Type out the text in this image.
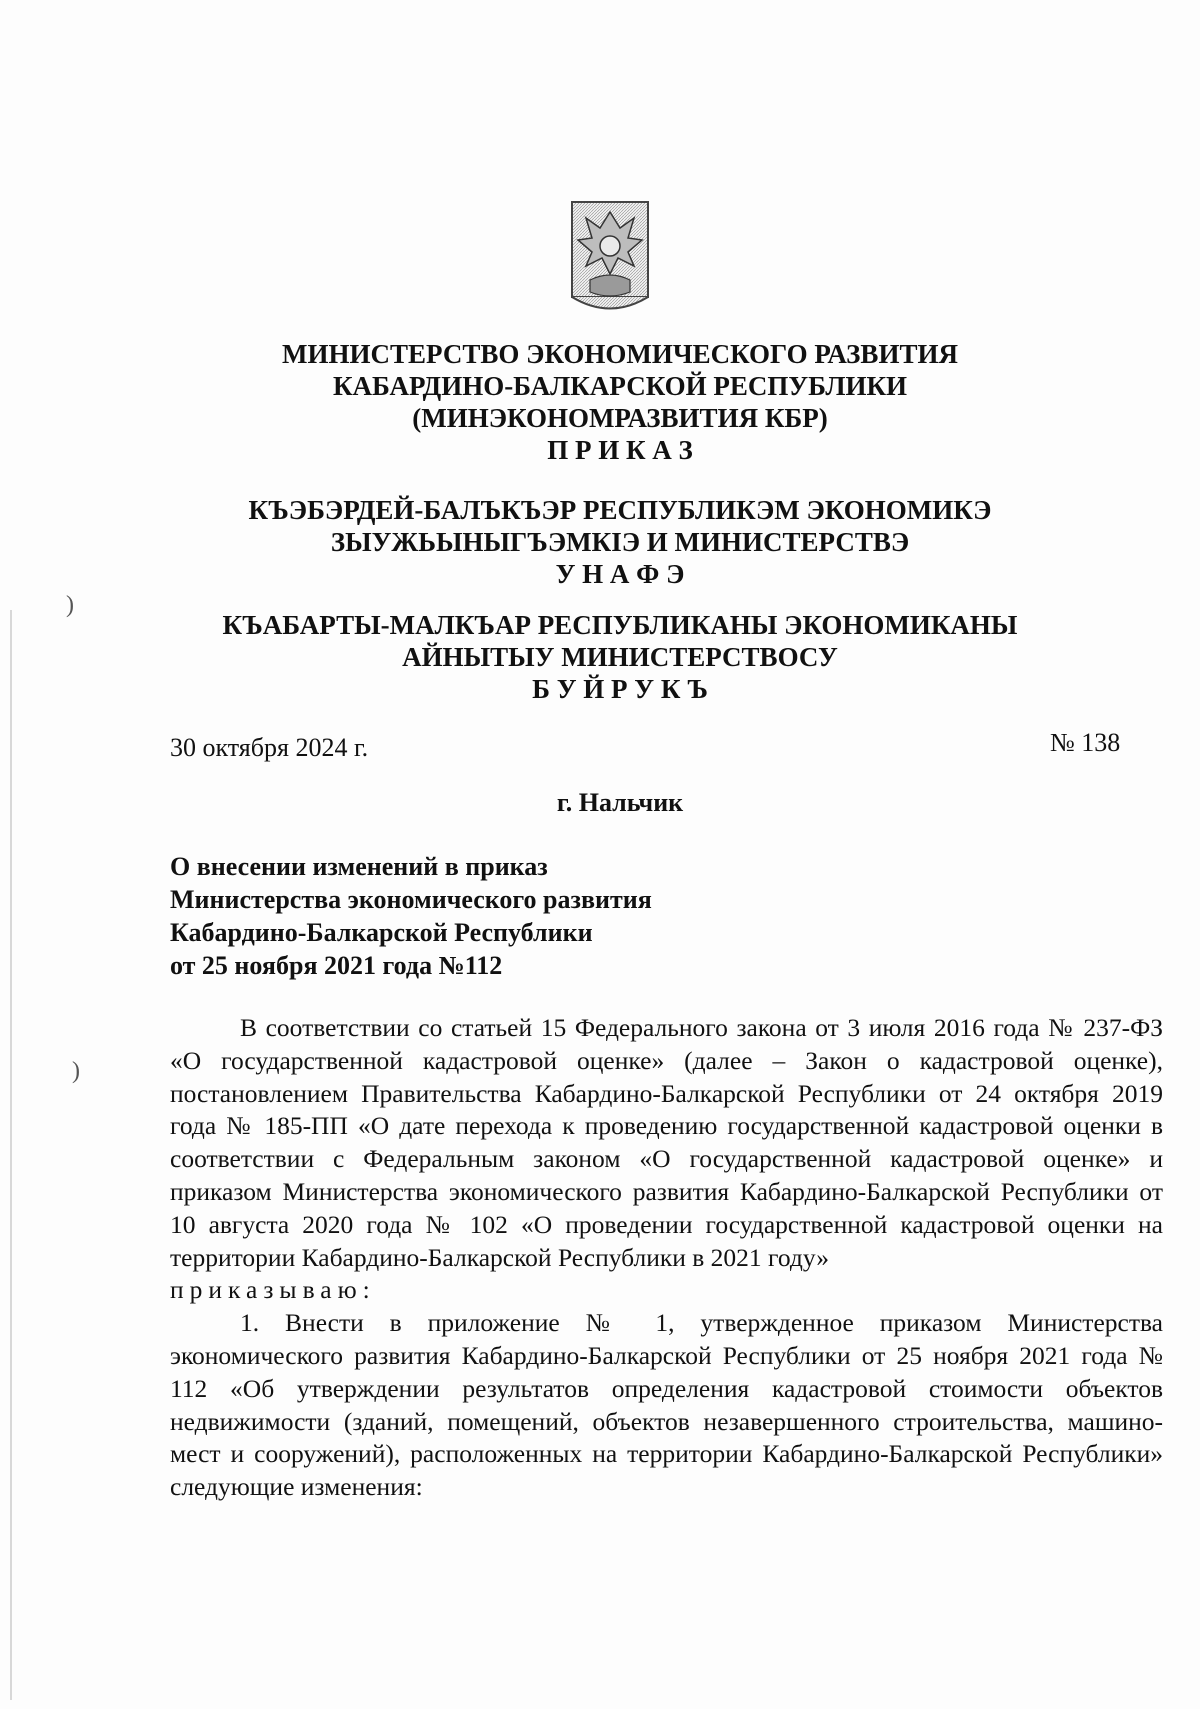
)
)
МИНИСТЕРСТВО ЭКОНОМИЧЕСКОГО РАЗВИТИЯ
КАБАРДИНО-БАЛКАРСКОЙ РЕСПУБЛИКИ
(МИНЭКОНОМРАЗВИТИЯ КБР)
П Р И К А З
КЪЭБЭРДЕЙ-БАЛЪКЪЭР РЕСПУБЛИКЭМ ЭКОНОМИКЭ
ЗЫУЖЬЫНЫГЪЭМКIЭ И МИНИСТЕРСТВЭ
У Н А Ф Э
КЪАБАРТЫ-МАЛКЪАР РЕСПУБЛИКАНЫ ЭКОНОМИКАНЫ
АЙНЫТЫУ МИНИСТЕРСТВОСУ
Б У Й Р У К Ъ
30 октября 2024 г.	№ 138
г. Нальчик
О внесении изменений в приказ
Министерства экономического развития
Кабардино-Балкарской Республики
от 25 ноября 2021 года №112

В соответствии со статьей 15 Федерального закона от 3 июля 2016 года № 237-ФЗ «О государственной кадастровой оценке» (далее – Закон о кадастровой оценке), постановлением Правительства Кабардино-Балкарской Республики от 24 октября 2019 года № 185-ПП «О дате перехода к проведению государственной кадастровой оценки в соответствии с Федеральным законом «О государственной кадастровой оценке» и приказом Министерства экономического развития Кабардино-Балкарской Республики от 10 августа 2020 года № 102 «О проведении государственной кадастровой оценки на территории Кабардино-Балкарской Республики в 2021 году»

приказываю:

1. Внести в приложение № 1, утвержденное приказом Министерства экономического развития Кабардино-Балкарской Республики от 25 ноября 2021 года № 112 «Об утверждении результатов определения кадастровой стоимости объектов недвижимости (зданий, помещений, объектов незавершенного строительства, машино-мест и сооружений), расположенных на территории Кабардино-Балкарской Республики» следующие изменения:
